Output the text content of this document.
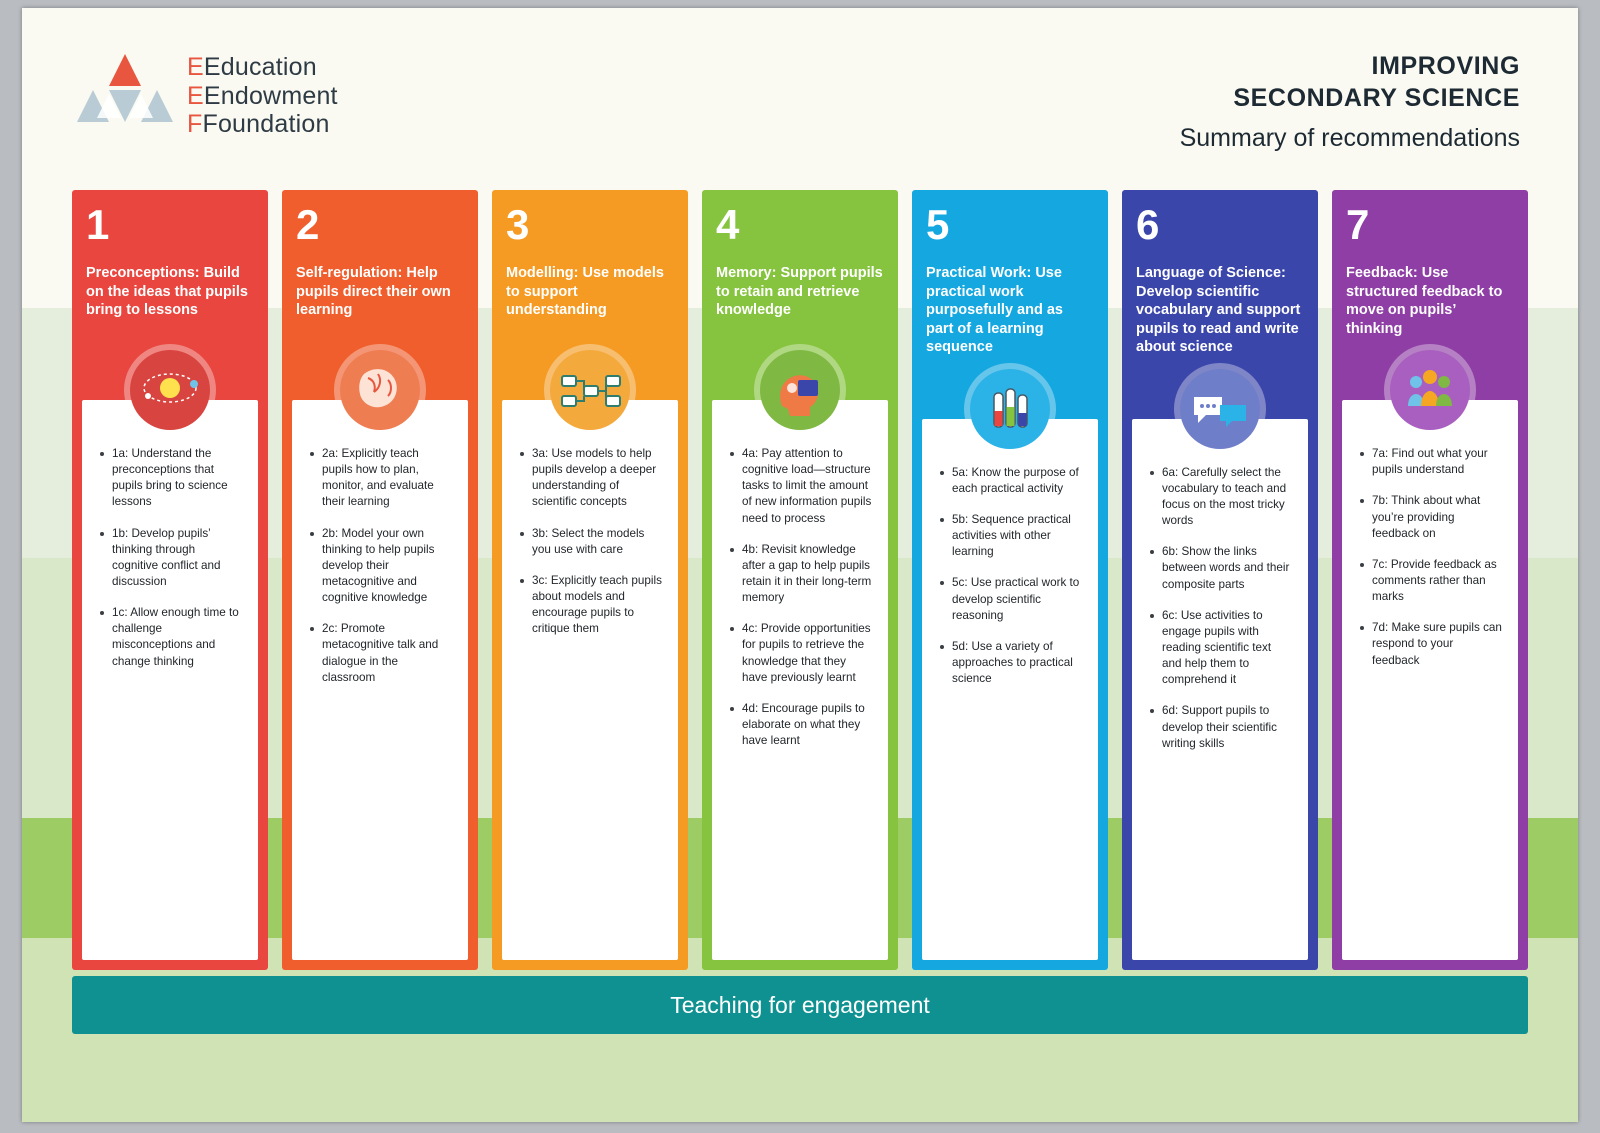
EEducation
EEndowment
FFoundation
IMPROVING
SECONDARY SCIENCE
Summary of recommendations
1
Preconceptions: Build on the ideas that pupils bring to lessons
1a: Understand the preconceptions that pupils bring to science lessons
1b: Develop pupils’ thinking through cognitive conflict and discussion
1c: Allow enough time to challenge misconceptions and change thinking
2
Self-regulation: Help pupils direct their own learning
2a: Explicitly teach pupils how to plan, monitor, and evaluate their learning
2b: Model your own thinking to help pupils develop their metacognitive and cognitive knowledge
2c: Promote metacognitive talk and dialogue in the classroom
3
Modelling: Use models to support understanding
3a: Use models to help pupils develop a deeper understanding of scientific concepts
3b: Select the models you use with care
3c: Explicitly teach pupils about models and encourage pupils to critique them
4
Memory: Support pupils to retain and retrieve knowledge
4a: Pay attention to cognitive load—structure tasks to limit the amount of new information pupils need to process
4b: Revisit knowledge after a gap to help pupils retain it in their long-term memory
4c: Provide opportunities for pupils to retrieve the knowledge that they have previously learnt
4d: Encourage pupils to elaborate on what they have learnt
5
Practical Work: Use practical work purposefully and as part of a learning sequence
5a: Know the purpose of each practical activity
5b: Sequence practical activities with other learning
5c: Use practical work to develop scientific reasoning
5d: Use a variety of approaches to practical science
6
Language of Science: Develop scientific vocabulary and support pupils to read and write about science
6a: Carefully select the vocabulary to teach and focus on the most tricky words
6b: Show the links between words and their composite parts
6c: Use activities to engage pupils with reading scientific text and help them to comprehend it
6d: Support pupils to develop their scientific writing skills
7
Feedback: Use structured feedback to move on pupils’ thinking
7a: Find out what your pupils understand
7b: Think about what you’re providing feedback on
7c: Provide feedback as comments rather than marks
7d: Make sure pupils can respond to your feedback
Teaching for engagement
